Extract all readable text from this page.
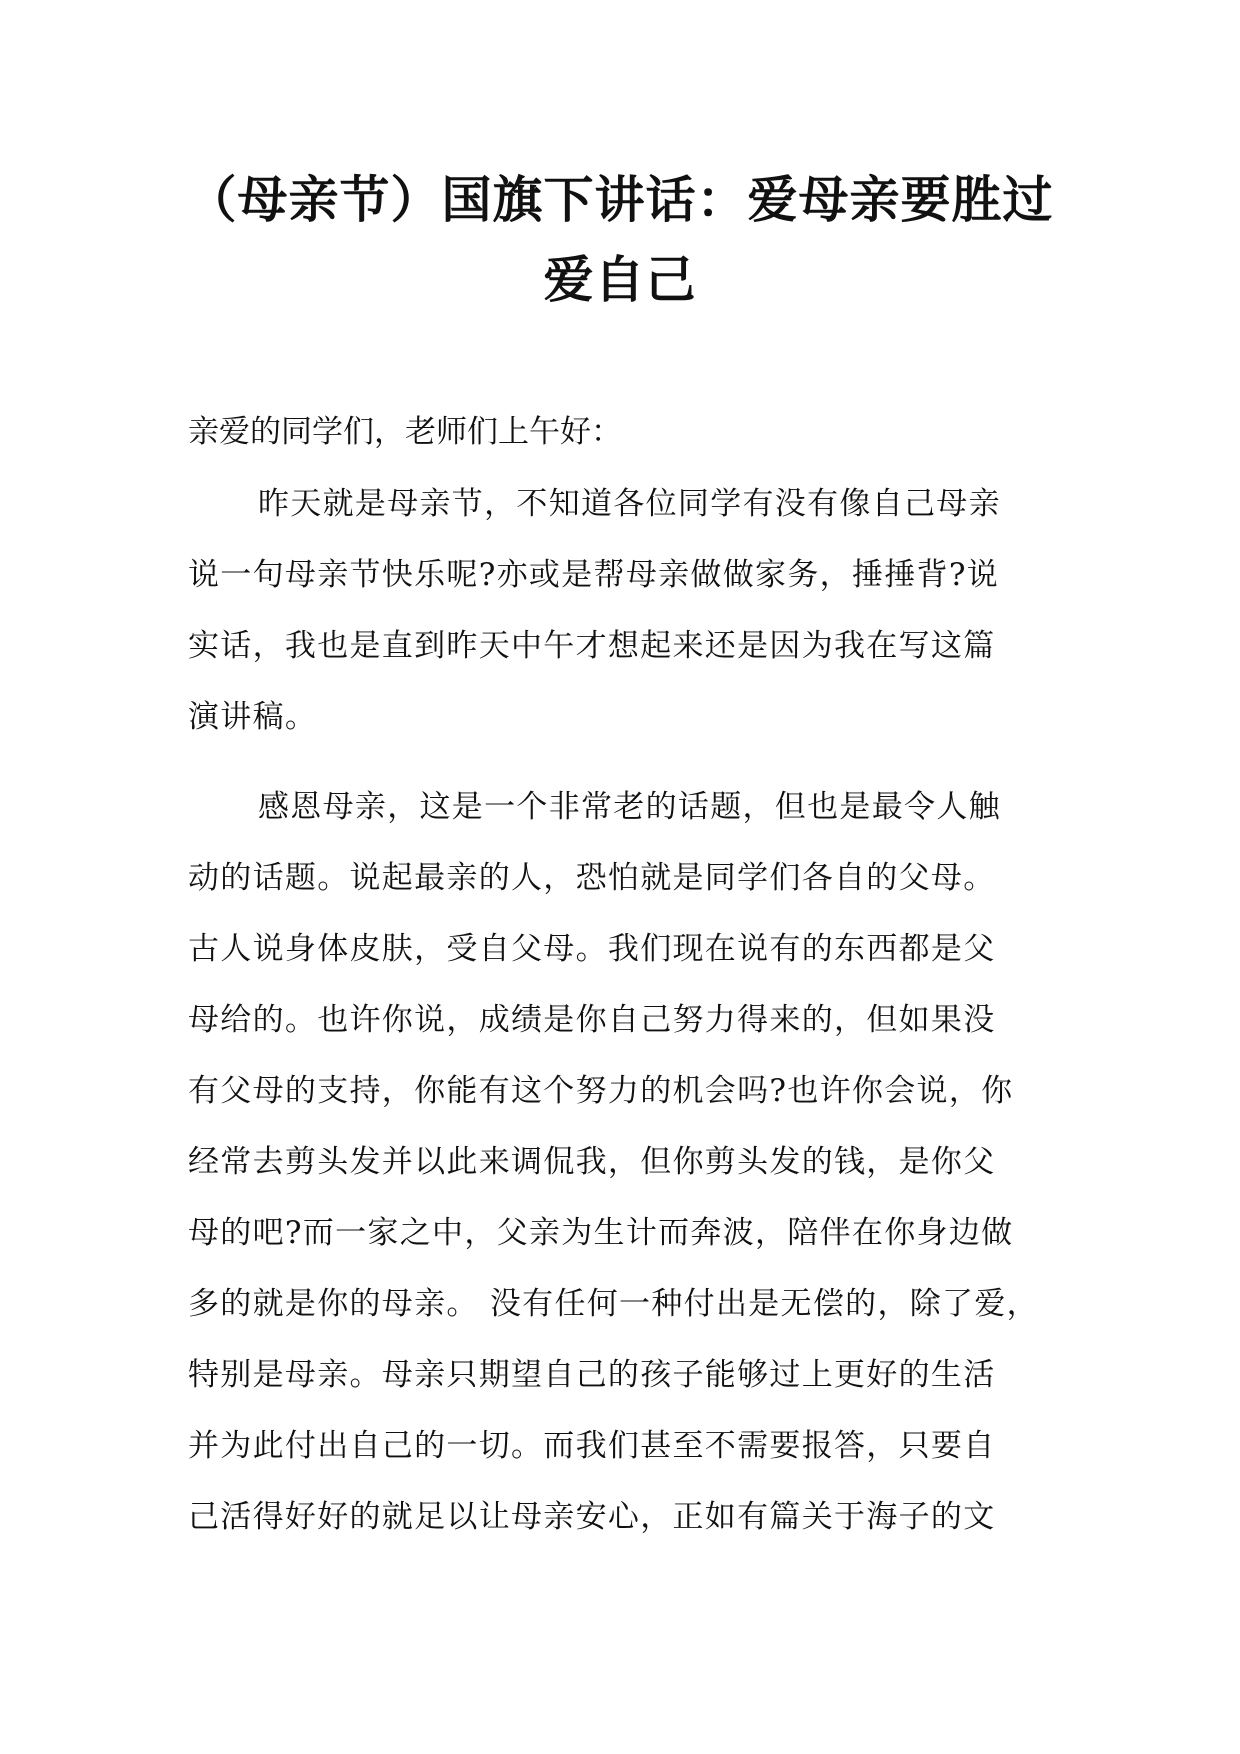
（母亲节）国旗下讲话：爱母亲要胜过
爱自己

亲爱的同学们，老师们上午好：

昨天就是母亲节，不知道各位同学有没有像自己母亲

说一句母亲节快乐呢?亦或是帮母亲做做家务，捶捶背?说

实话，我也是直到昨天中午才想起来还是因为我在写这篇

演讲稿。

感恩母亲，这是一个非常老的话题，但也是最令人触

动的话题。说起最亲的人，恐怕就是同学们各自的父母。

古人说身体皮肤，受自父母。我们现在说有的东西都是父

母给的。也许你说，成绩是你自己努力得来的，但如果没

有父母的支持，你能有这个努力的机会吗?也许你会说，你

经常去剪头发并以此来调侃我，但你剪头发的钱，是你父

母的吧?而一家之中，父亲为生计而奔波，陪伴在你身边做

多的就是你的母亲。 没有任何一种付出是无偿的，除了爱，

特别是母亲。母亲只期望自己的孩子能够过上更好的生活

并为此付出自己的一切。而我们甚至不需要报答，只要自

己活得好好的就足以让母亲安心，正如有篇关于海子的文
